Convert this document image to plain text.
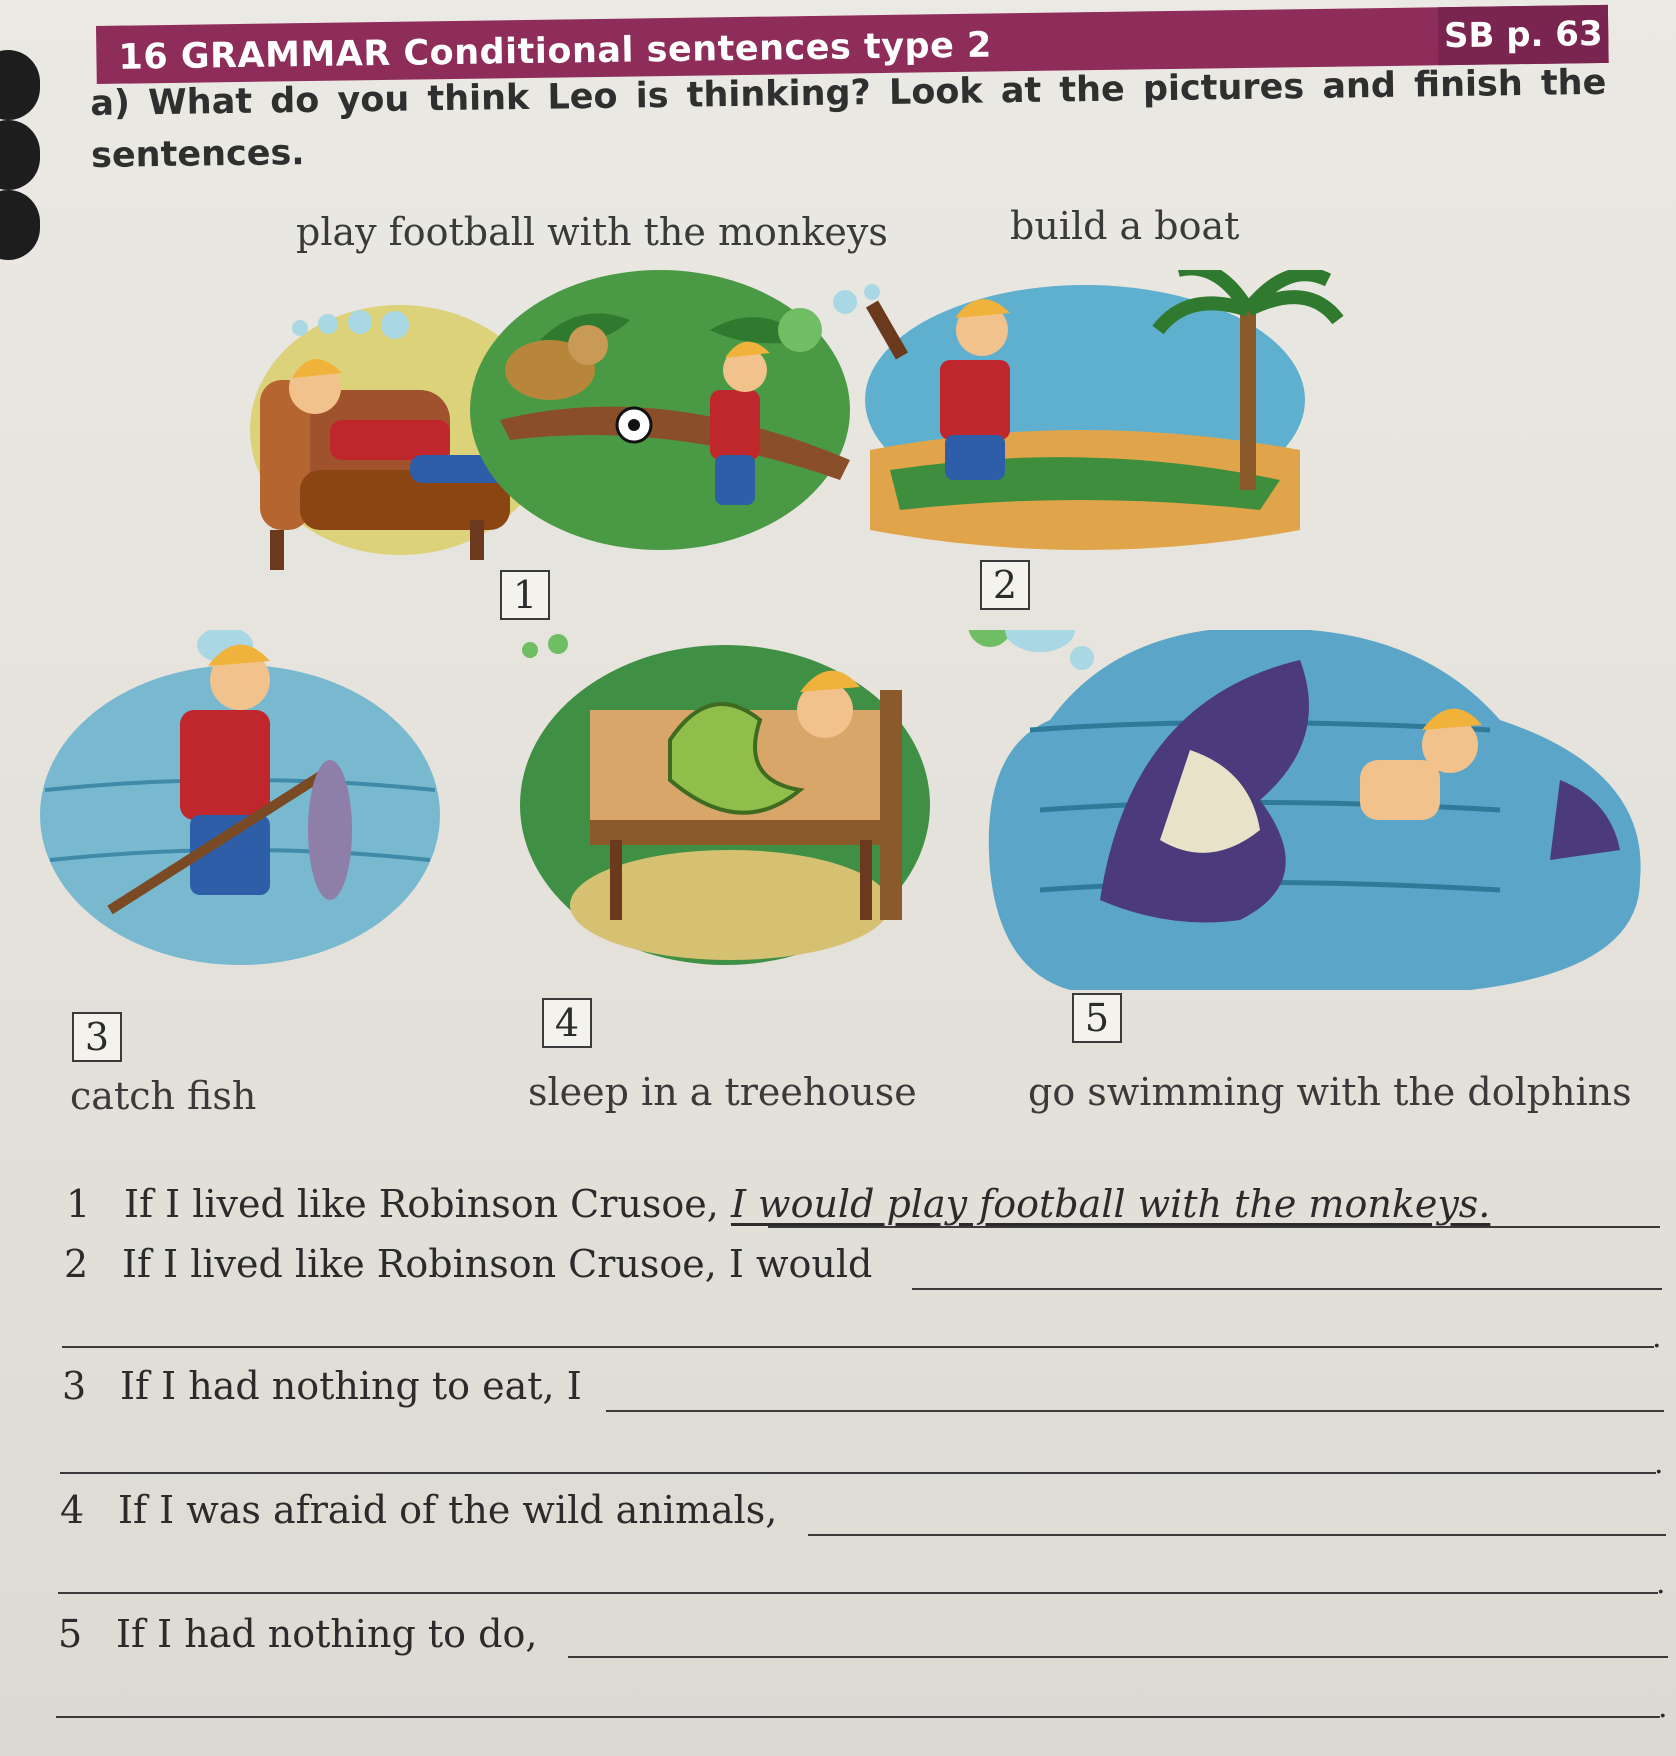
16 GRAMMAR Conditional sentences type 2	SB p. 63
a) What do you think Leo is thinking? Look at the pictures and finish the sentences.
play football with the monkeys	build a boat
1	2
3	4	5
catch fish	sleep in a treehouse	go swimming with the dolphins
1 If I lived like Robinson Crusoe, I would play football with the monkeys.
2 If I lived like Robinson Crusoe, I would
.
3 If I had nothing to eat, I
.
4 If I was afraid of the wild animals,
.
5 If I had nothing to do,
.
